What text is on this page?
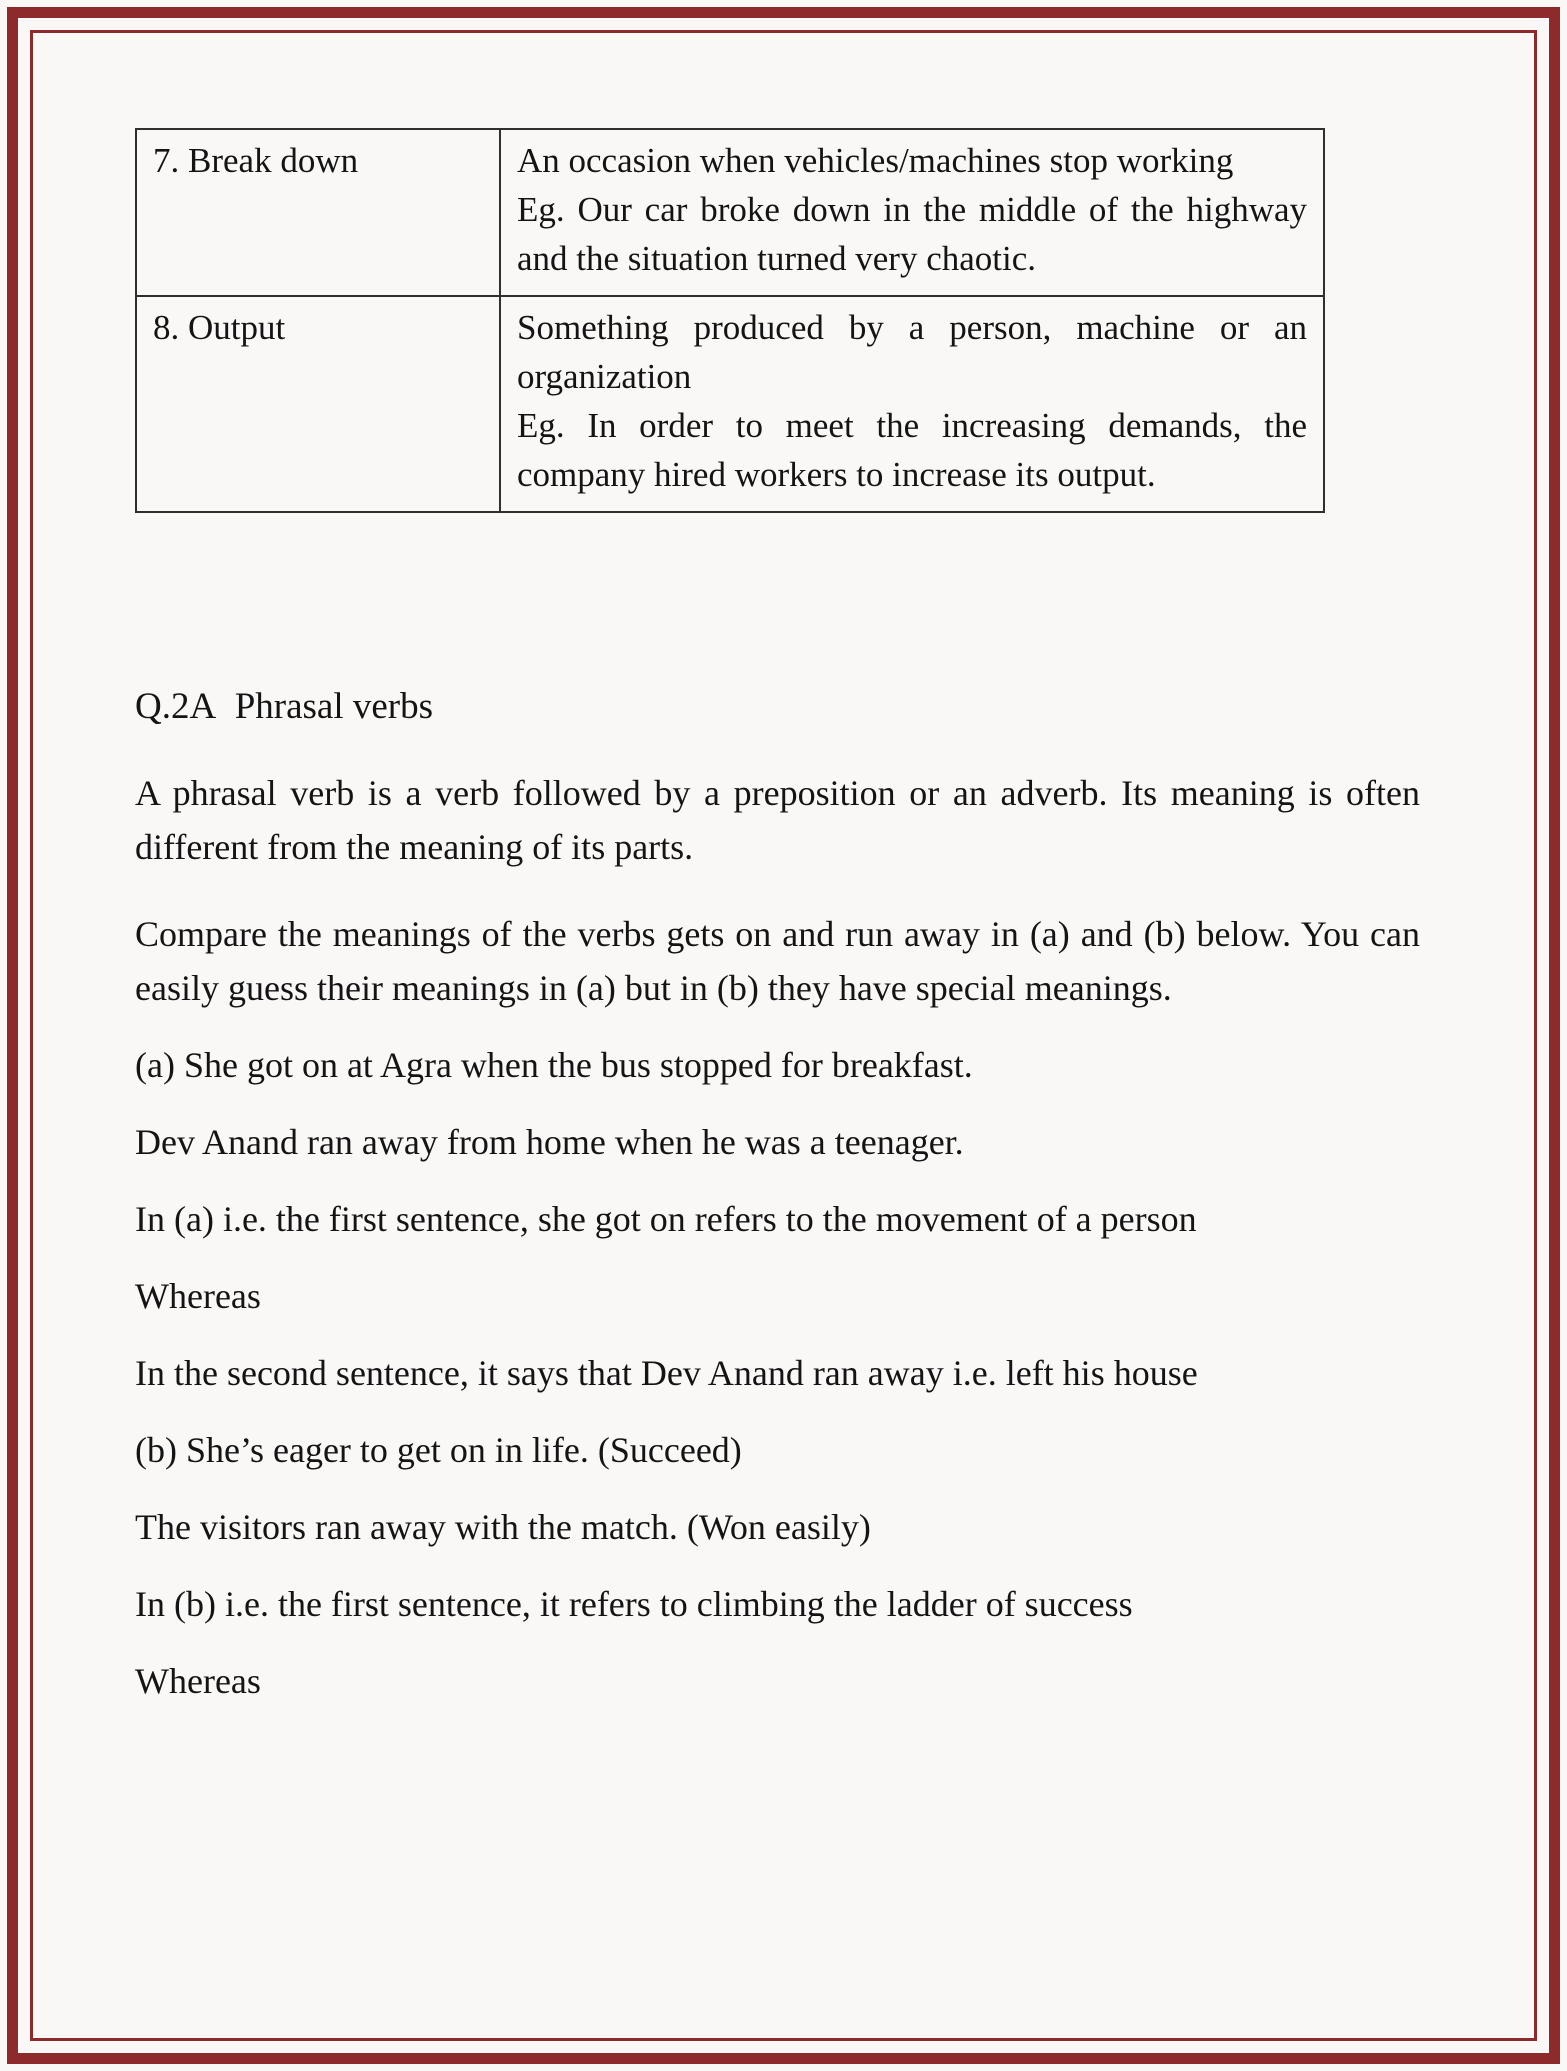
7. Break down	An occasion when vehicles/machines stop working
Eg. Our car broke down in the middle of the highway and the situation turned very chaotic.

8. Output	Something produced by a person, machine or an organization
Eg. In order to meet the increasing demands, the company hired workers to increase its output.
Q.2A  Phrasal verbs
A phrasal verb is a verb followed by a preposition or an adverb. Its meaning is often different from the meaning of its parts.
Compare the meanings of the verbs gets on and run away in (a) and (b) below. You can easily guess their meanings in (a) but in (b) they have special meanings.
(a) She got on at Agra when the bus stopped for breakfast.
Dev Anand ran away from home when he was a teenager.
In (a) i.e. the first sentence, she got on refers to the movement of a person
Whereas
In the second sentence, it says that Dev Anand ran away i.e. left his house
(b) She’s eager to get on in life. (Succeed)
The visitors ran away with the match. (Won easily)
In (b) i.e. the first sentence, it refers to climbing the ladder of success
Whereas
